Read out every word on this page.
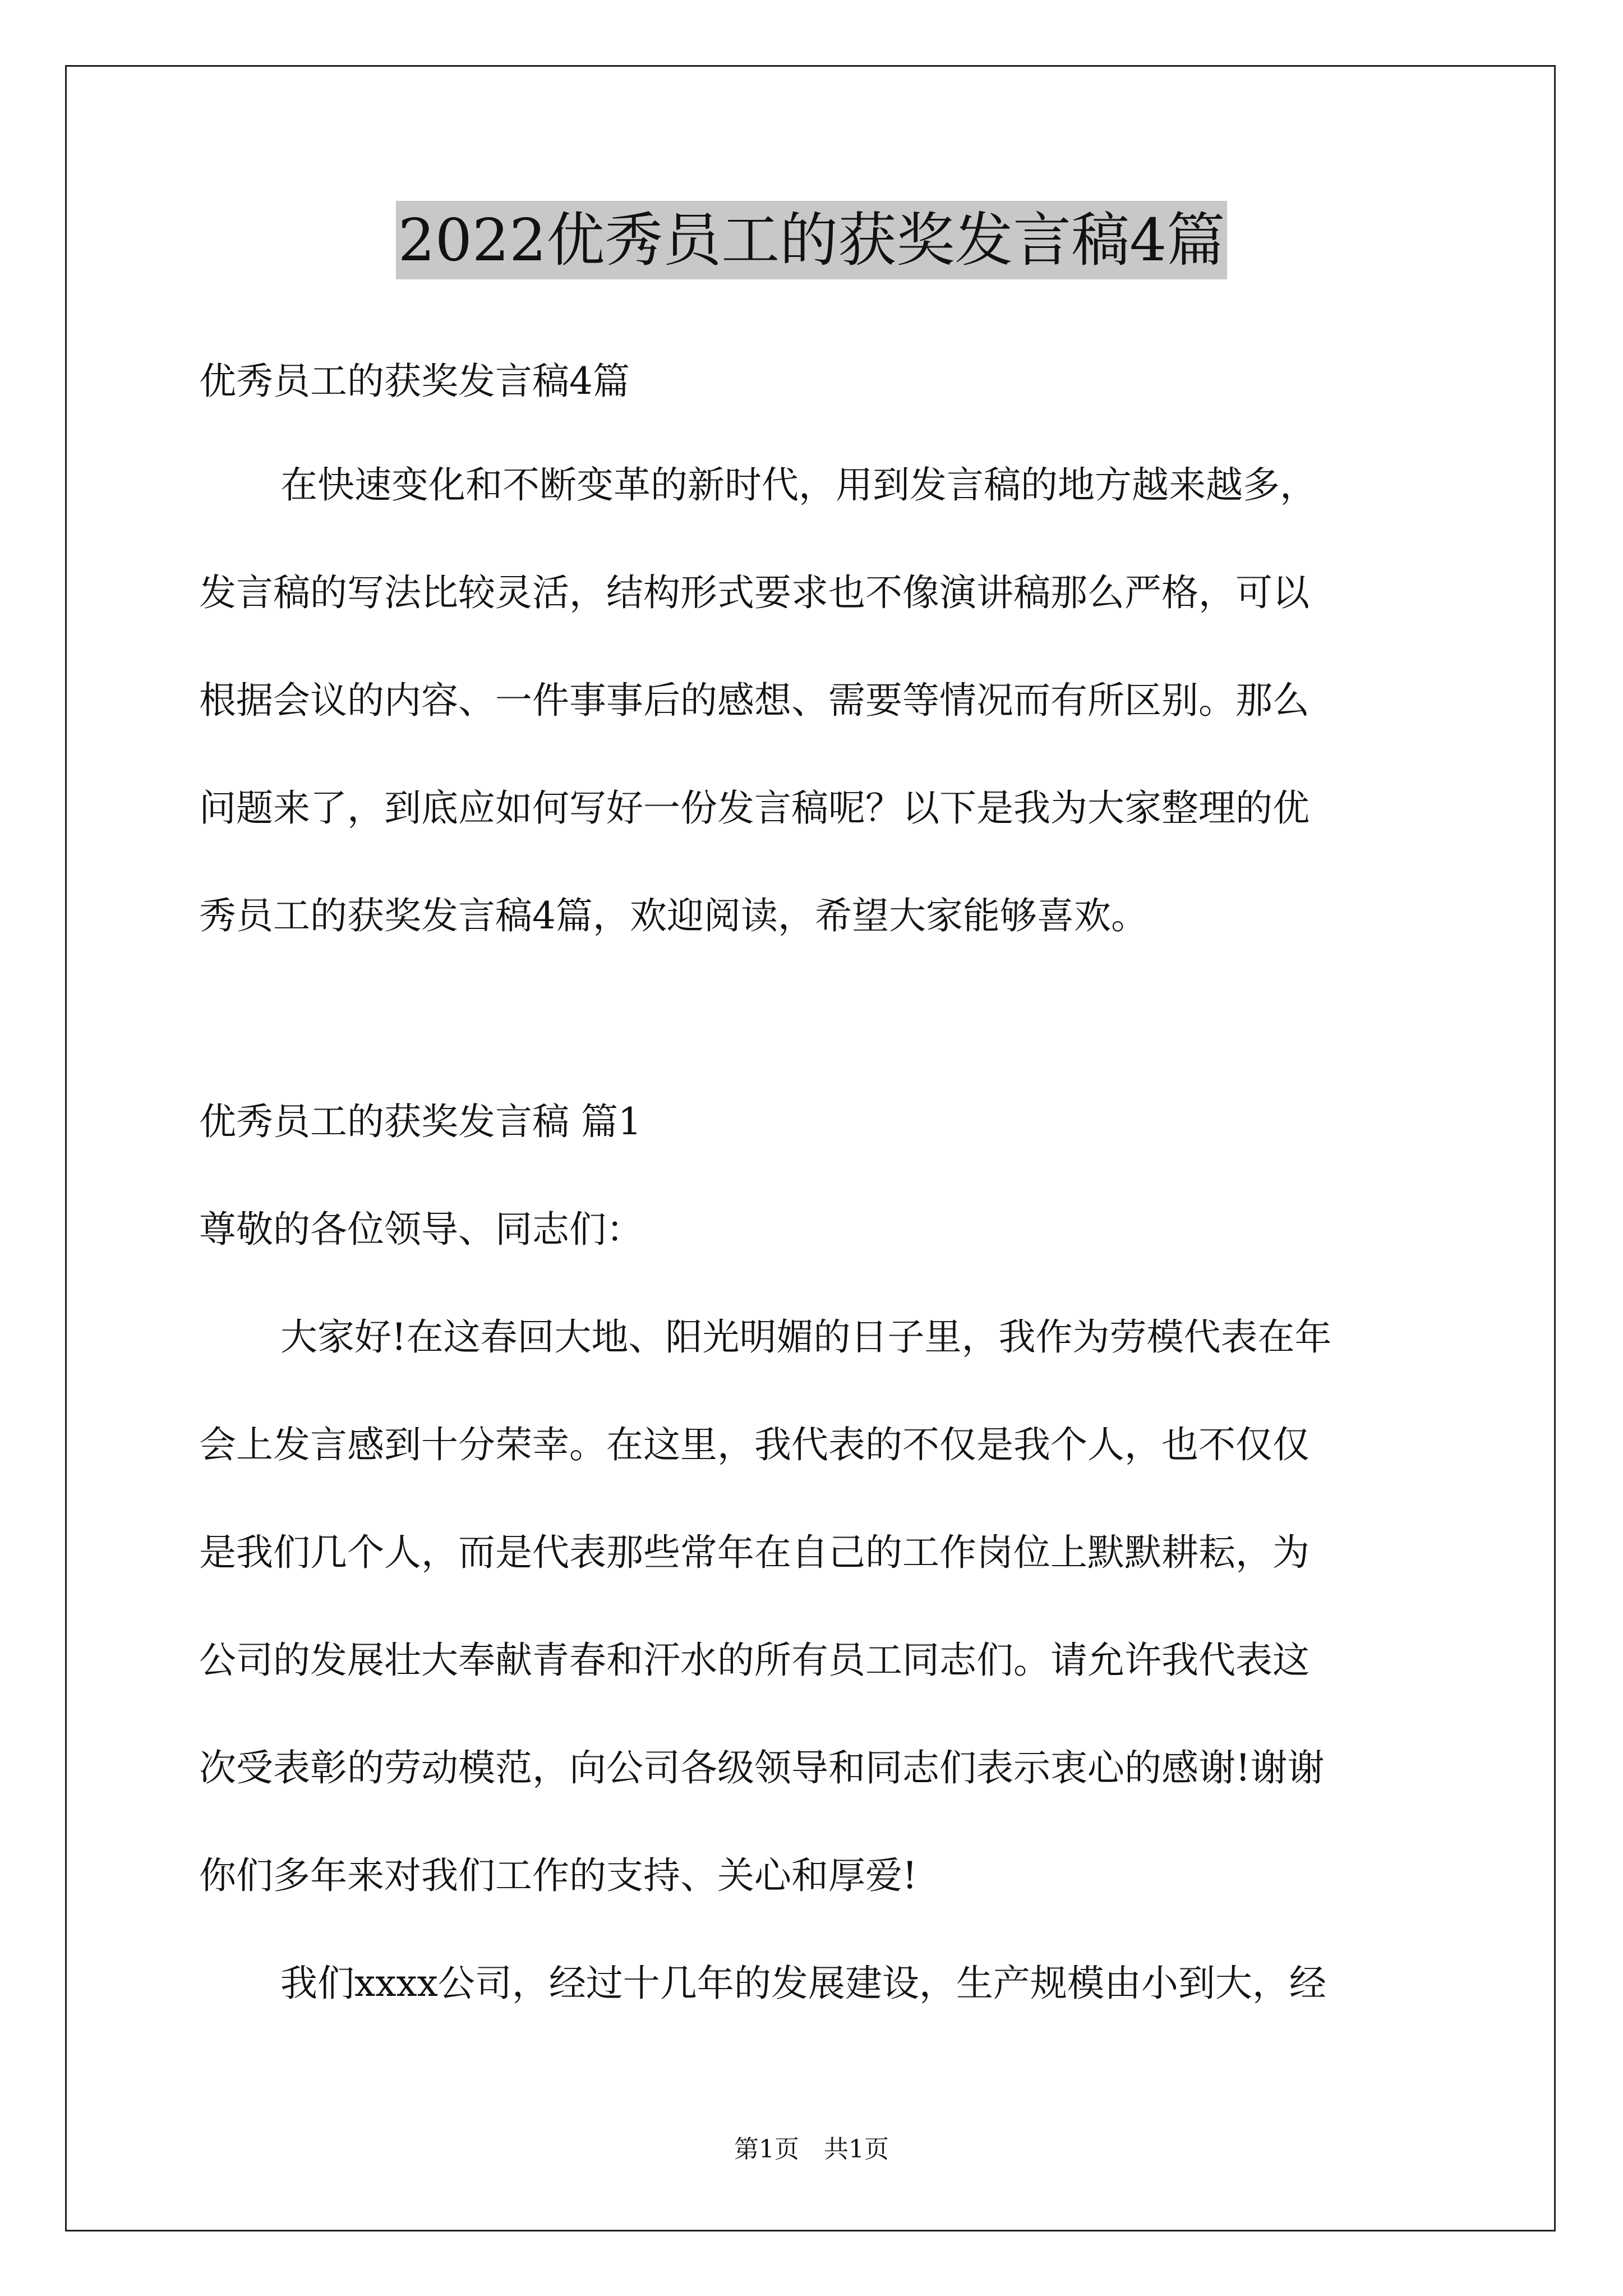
2022优秀员工的获奖发言稿4篇
优秀员工的获奖发言稿4篇
在快速变化和不断变革的新时代，用到发言稿的地方越来越多，
发言稿的写法比较灵活，结构形式要求也不像演讲稿那么严格，可以
根据会议的内容、一件事事后的感想、需要等情况而有所区别。那么
问题来了，到底应如何写好一份发言稿呢？以下是我为大家整理的优
秀员工的获奖发言稿4篇，欢迎阅读，希望大家能够喜欢。
优秀员工的获奖发言稿 篇1
尊敬的各位领导、同志们：
大家好!在这春回大地、阳光明媚的日子里，我作为劳模代表在年
会上发言感到十分荣幸。在这里，我代表的不仅是我个人，也不仅仅
是我们几个人，而是代表那些常年在自己的工作岗位上默默耕耘，为
公司的发展壮大奉献青春和汗水的所有员工同志们。请允许我代表这
次受表彰的劳动模范，向公司各级领导和同志们表示衷心的感谢!谢谢
你们多年来对我们工作的支持、关心和厚爱!
我们xxxx公司，经过十几年的发展建设，生产规模由小到大，经
第1页　共1页
